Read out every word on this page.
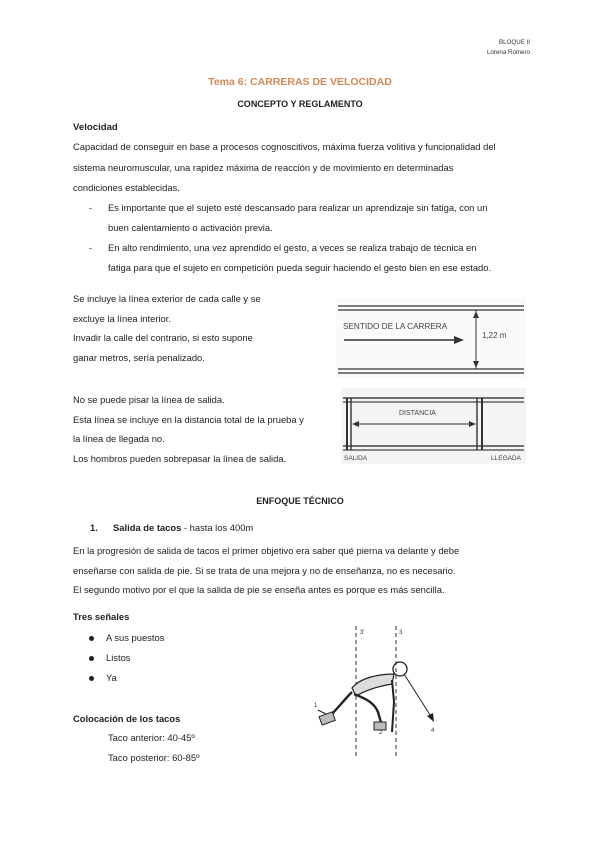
BLOQUE II
Lorena Romero
Tema 6: CARRERAS DE VELOCIDAD
CONCEPTO Y REGLAMENTO
Velocidad
Capacidad de conseguir en base a procesos cognoscitivos, máxima fuerza volitiva y funcionalidad del
sistema neuromuscular, una rapidez máxima de reacción y de movimiento en determinadas
condiciones establecidas.
- Es importante que el sujeto esté descansado para realizar un aprendizaje sin fatiga, con un
buen calentamiento o activación previa.
- En alto rendimiento, una vez aprendido el gesto, a veces se realiza trabajo de técnica en
fatiga para que el sujeto en competición pueda seguir haciendo el gesto bien en ese estado.
Se incluye la línea exterior de cada calle y se
excluye la línea interior.
Invadir la calle del contrario, si esto supone
ganar metros, sería penalizado.
SENTIDO DE LA CARRERA
1,22 m
No se puede pisar la línea de salida.
Esta línea se incluye en la distancia total de la prueba y
la línea de llegada no.
Los hombros pueden sobrepasar la línea de salida.
DISTANCIA
SALIDA	LLEGADA
ENFOQUE TÉCNICO
1. Salida de tacos - hasta los 400m
En la progresión de salida de tacos el primer objetivo era saber qué pierna va delante y debe
enseñarse con salida de pie. Si se trata de una mejora y no de enseñanza, no es necesario.
El segundo motivo por el que la salida de pie se enseña antes es porque es más sencilla.
Tres señales
A sus puestos
Listos
Ya
Colocación de los tacos
Taco anterior: 40-45º
Taco posterior: 60-85º
3'	3
1
2	4
